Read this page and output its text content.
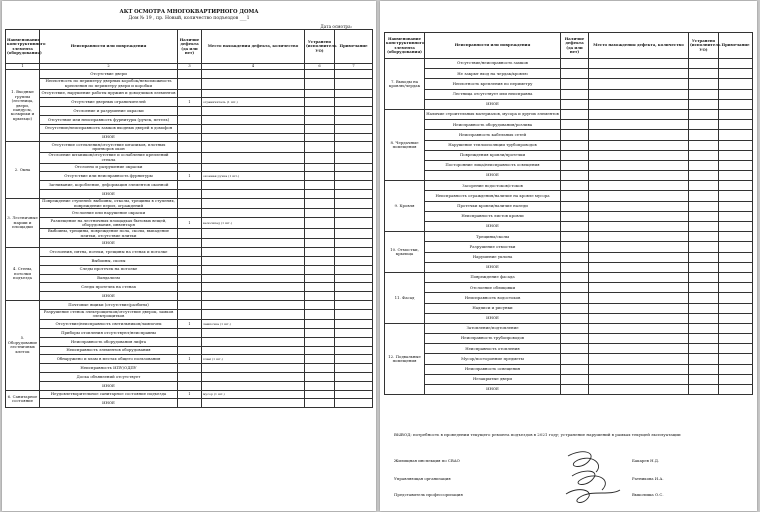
АКТ ОСМОТРА МНОГОКВАРТИРНОГО ДОМА
Дом № 19 , пр. Новый, количество подъездов ___1
Дата осмотра:
Наименование конструктивного элемента (оборудования)	Неисправности или повреждения	Наличие дефекта (да или нет)	Место нахождения дефекта, количество	Устранено (исполнитель УО)	Примечание
1	2	3	4	6	7
1. Входные группы (лестница, двери, пандусы, козырьки и крыльцо)	Отсутствие двери				
	Неплотность по периметру дверных коробок/невозможность крепления по периметру двери и коробки				
	Отсутствие, нарушение работы пружин и доводчиков элементов				
	Отсутствие дверных ограничителей	1	ограничитель (1 шт.)		
	Отслоение и разрушение окраски				
	Отсутствие или неисправность фурнитуры (ручек, петель)				
	Отсутствие/неисправность замков входных дверей в домофон				
	ИНОЕ				
2. Окна	Отсутствие остекления/отсутствие штапиков, плотных притворов окон				
	Отслоение штапиков/отсутствие и ослабление креплений стекла				
	Отслоено и разрушение окраски				
	Отсутствие или неисправность фурнитуры	1	оконная ручка (1 шт.)		
	Загнивание, коробление, деформация элементов оконной				
	ИНОЕ				
3. Лестничные марши и площадки	Повреждение ступеней: выбоины, отколы, трещины в ступенях, повреждение перил, ограждений				
	Отслоение или нарушение окраски				
	Размещение на лестничных площадках бытовых вещей, оборудования, инвентаря	1	велосипед (1 шт.)		
	Выбоины, трещины, повреждение пола, сколы, выпадение плитки, отсутствие плитки				
	ИНОЕ				
4. Стены, потолки подъезда	Отслоения, пятна, потеки, трещины на стенах и потолке				
	Выбоины, сколы				
	Следы протечек на потолке				
	Вандализм				
	Следы протечек на стенах				
	ИНОЕ				
5. Оборудование лестничных клеток	Почтовые ящики (отсутствие/разбиты)				
	Разрушение стенок электрощитков/отсутствие дверок, замков электрощитков				
	Отсутствие/неисправность светильников/лампочек	1	лампочка (1 шт.)		
	Приборы отопления отсутствуют/неисправны				
	Неисправность оборудования лифта				
	Неисправность элементов оборудования				
	Обнаружено и хлам в местах общего пользования	1	хлам (1 шт.)		
	Неисправность ИПУ/ОДПУ				
	Доска объявлений отсутствует				
	ИНОЕ				
6. Санитарное состояние	Неудовлетворительное санитарное состояние подъезда	1	мусор (1 шт.)		
	ИНОЕ				
Наименование конструктивного элемента (оборудования)	Неисправности или повреждения	Наличие дефекта (да или нет)	Место нахождения дефекта, количество	Устранено (исполнитель УО)	Примечание
7. Выходы на кровлю/чердак	Отсутствие/неисправность замков				
	Не закрыт вход на чердак/кровлю				
	Неплотность крепления по периметру				
	Лестница отсутствует или неисправна				
	ИНОЕ				
8. Чердачные помещения	Наличие строительных материалов, мусора и других элементов				
	Неисправность оборудования/розлива				
	Неисправность кабельных сетей				
	Нарушение теплоизоляции трубопроводов				
	Повреждения кровли/протечки				
	Посторонние лица/неисправность освещения				
	ИНОЕ				
9. Кровля	Засорение водостоков/стоков				
	Неисправность ограждения/наличие на кровле мусора				
	Протечки кровли/наличие наледи				
	Неисправность листов кровли				
	ИНОЕ				
10. Отмостки, крыльца	Трещины/сколы				
	Разрушение отмостки				
	Нарушение уклона				
	ИНОЕ				
11. Фасад	Повреждение фасада				
	Отслоение облицовки				
	Неисправность водостоков				
	Надписи и рисунки				
	ИНОЕ				
12. Подвальные помещения	Затопление/подтопление				
	Неисправность трубопроводов				
	Неисправность отопления				
	Мусор/посторонние предметы				
	Неисправность освещения				
	Незакрытые двери				
	ИНОЕ				
ВЫВОД: потребность в проведении текущего ремонта подъездов в 2021 году; устранение нарушений в рамках текущей эксплуатации
Жилищная инспекция по СВАО	Бакарев Н.Д.
Управляющая организация	Ратникова И.А.
Представитель профессоризация	Выколиша О.С.
